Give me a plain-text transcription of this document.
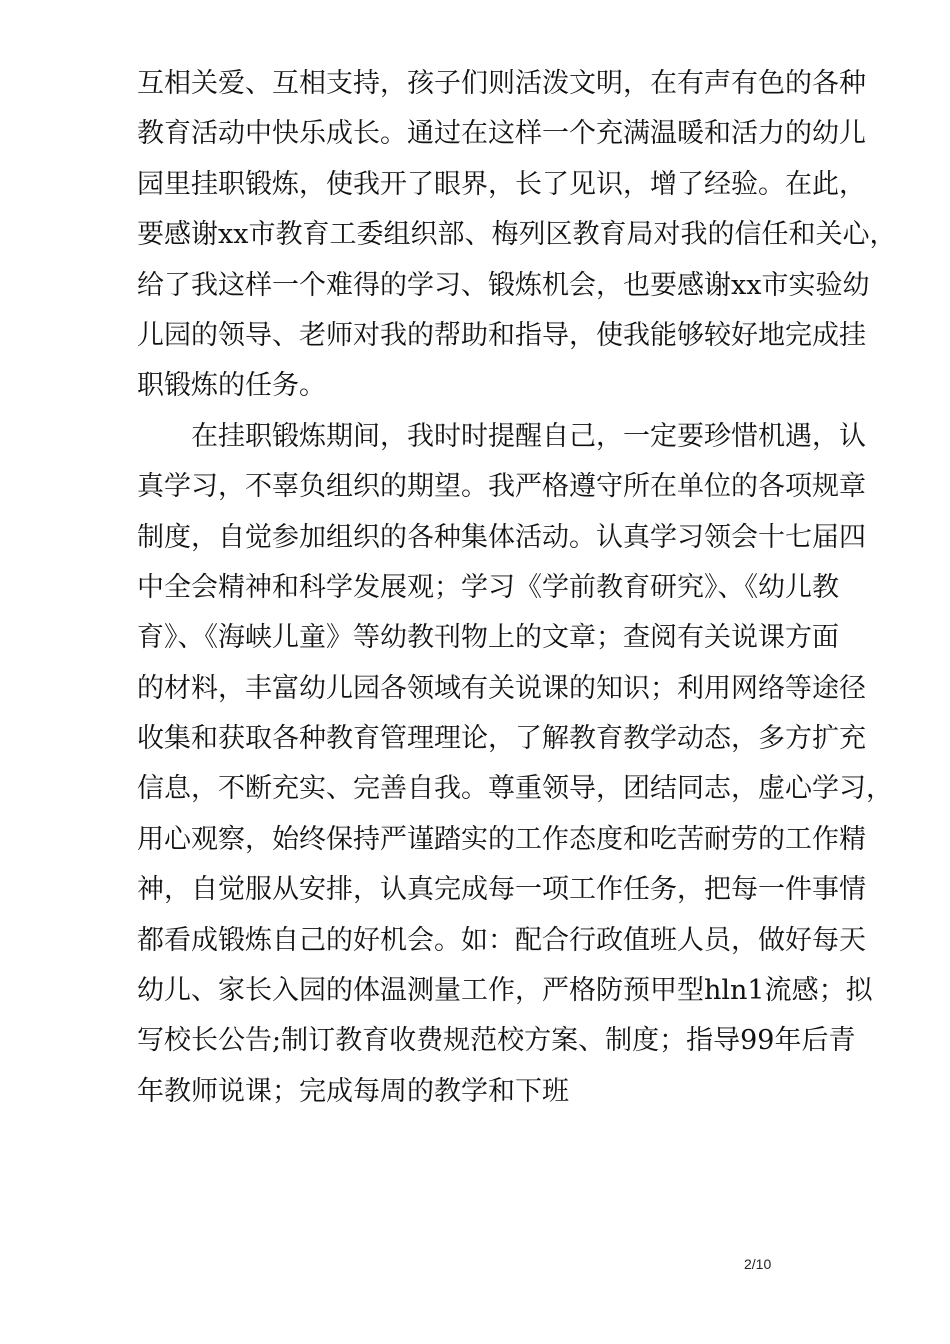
互相关爱、互相支持，孩子们则活泼文明，在有声有色的各种
教育活动中快乐成长。通过在这样一个充满温暖和活力的幼儿
园里挂职锻炼，使我开了眼界，长了见识，增了经验。在此，
要感谢xx市教育工委组织部、梅列区教育局对我的信任和关心，
给了我这样一个难得的学习、锻炼机会，也要感谢xx市实验幼
儿园的领导、老师对我的帮助和指导，使我能够较好地完成挂
职锻炼的任务。
在挂职锻炼期间，我时时提醒自己，一定要珍惜机遇，认
真学习，不辜负组织的期望。我严格遵守所在单位的各项规章
制度，自觉参加组织的各种集体活动。认真学习领会十七届四
中全会精神和科学发展观；学习《学前教育研究》、《幼儿教
育》、《海峡儿童》等幼教刊物上的文章；查阅有关说课方面
的材料，丰富幼儿园各领域有关说课的知识；利用网络等途径
收集和获取各种教育管理理论，了解教育教学动态，多方扩充
信息，不断充实、完善自我。尊重领导，团结同志，虚心学习，
用心观察，始终保持严谨踏实的工作态度和吃苦耐劳的工作精
神，自觉服从安排，认真完成每一项工作任务，把每一件事情
都看成锻炼自己的好机会。如：配合行政值班人员，做好每天
幼儿、家长入园的体温测量工作，严格防预甲型hln1流感；拟
写校长公告;制订教育收费规范校方案、制度；指导99年后青
年教师说课；完成每周的教学和下班
2/10
